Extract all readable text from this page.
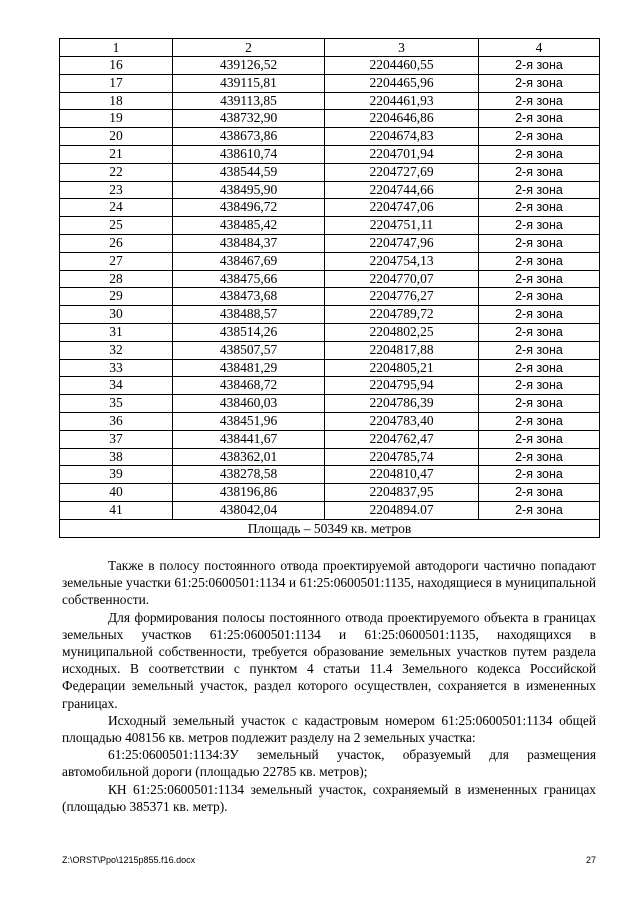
1	2	3	4
16	439126,52	2204460,55	2-я зона
17	439115,81	2204465,96	2-я зона
18	439113,85	2204461,93	2-я зона
19	438732,90	2204646,86	2-я зона
20	438673,86	2204674,83	2-я зона
21	438610,74	2204701,94	2-я зона
22	438544,59	2204727,69	2-я зона
23	438495,90	2204744,66	2-я зона
24	438496,72	2204747,06	2-я зона
25	438485,42	2204751,11	2-я зона
26	438484,37	2204747,96	2-я зона
27	438467,69	2204754,13	2-я зона
28	438475,66	2204770,07	2-я зона
29	438473,68	2204776,27	2-я зона
30	438488,57	2204789,72	2-я зона
31	438514,26	2204802,25	2-я зона
32	438507,57	2204817,88	2-я зона
33	438481,29	2204805,21	2-я зона
34	438468,72	2204795,94	2-я зона
35	438460,03	2204786,39	2-я зона
36	438451,96	2204783,40	2-я зона
37	438441,67	2204762,47	2-я зона
38	438362,01	2204785,74	2-я зона
39	438278,58	2204810,47	2-я зона
40	438196,86	2204837,95	2-я зона
41	438042,04	2204894.07	2-я зона
Площадь – 50349 кв. метров			

Также в полосу постоянного отвода проектируемой автодороги частично попадают земельные участки 61:25:0600501:1134 и 61:25:0600501:1135, находящиеся в муниципальной собственности.

Для формирования полосы постоянного отвода проектируемого объекта в границах земельных участков 61:25:0600501:1134 и 61:25:0600501:1135, находящихся в муниципальной собственности, требуется образование земельных участков путем раздела исходных. В соответствии с пунктом 4 статьи 11.4 Земельного кодекса Российской Федерации земельный участок, раздел которого осуществлен, сохраняется в измененных границах.

Исходный земельный участок с кадастровым номером 61:25:0600501:1134 общей площадью 408156 кв. метров подлежит разделу на 2 земельных участка:

61:25:0600501:1134:ЗУ земельный участок, образуемый для размещения автомобильной дороги (площадью 22785 кв. метров);

КН 61:25:0600501:1134 земельный участок, сохраняемый в измененных границах (площадью 385371 кв. метр).

Z:\ORST\Ppo\1215p855.f16.docx	27
